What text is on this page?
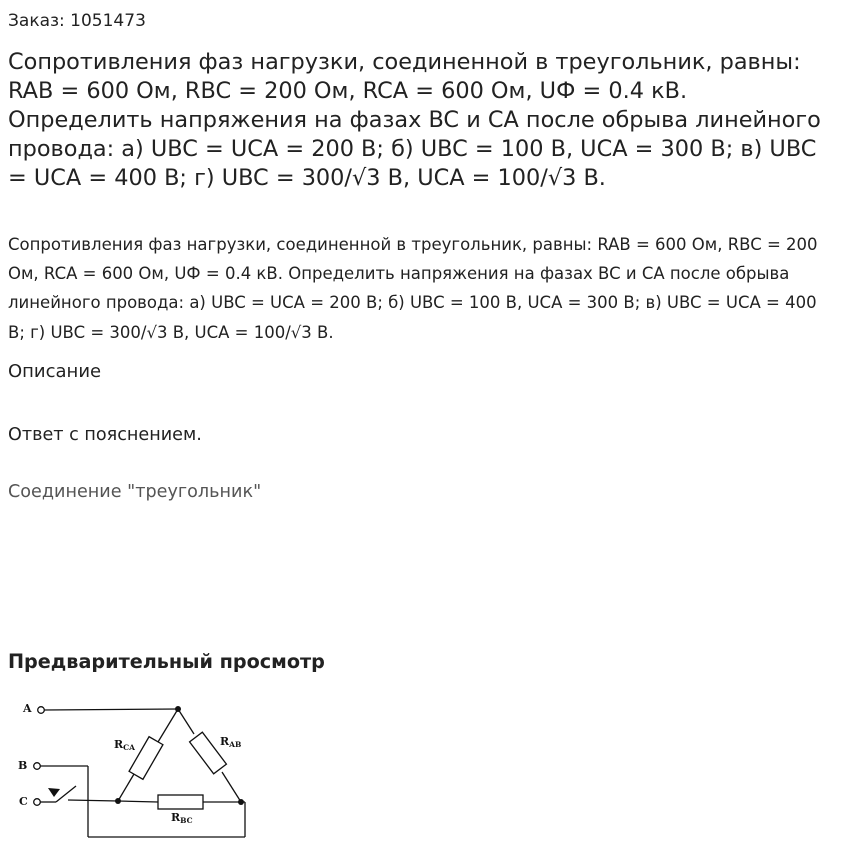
Заказ: 1051473
Сопротивления фаз нагрузки, соединенной в треугольник, равны: RAB = 600 Ом, RBC = 200 Ом, RCA = 600 Ом, UФ = 0.4 кВ. Определить напряжения на фазах BC и CA после обрыва линейного провода: а) UBC = UCA = 200 В; б) UBC = 100 В, UCA = 300 В; в) UBC = UCA = 400 В; г) UBC = 300/√3 В, UCA = 100/√3 В.
Сопротивления фаз нагрузки, соединенной в треугольник, равны: RAB = 600 Ом, RBC = 200 Ом, RCA = 600 Ом, UФ = 0.4 кВ. Определить напряжения на фазах BC и CA после обрыва линейного провода: а) UBC = UCA = 200 В; б) UBC = 100 В, UCA = 300 В; в) UBC = UCA = 400 В; г) UBC = 300/√3 В, UCA = 100/√3 В.
Описание
Ответ с пояснением.
Соединение "треугольник"
Предварительный просмотр
A
B
C
RCA	RAB
RBC
